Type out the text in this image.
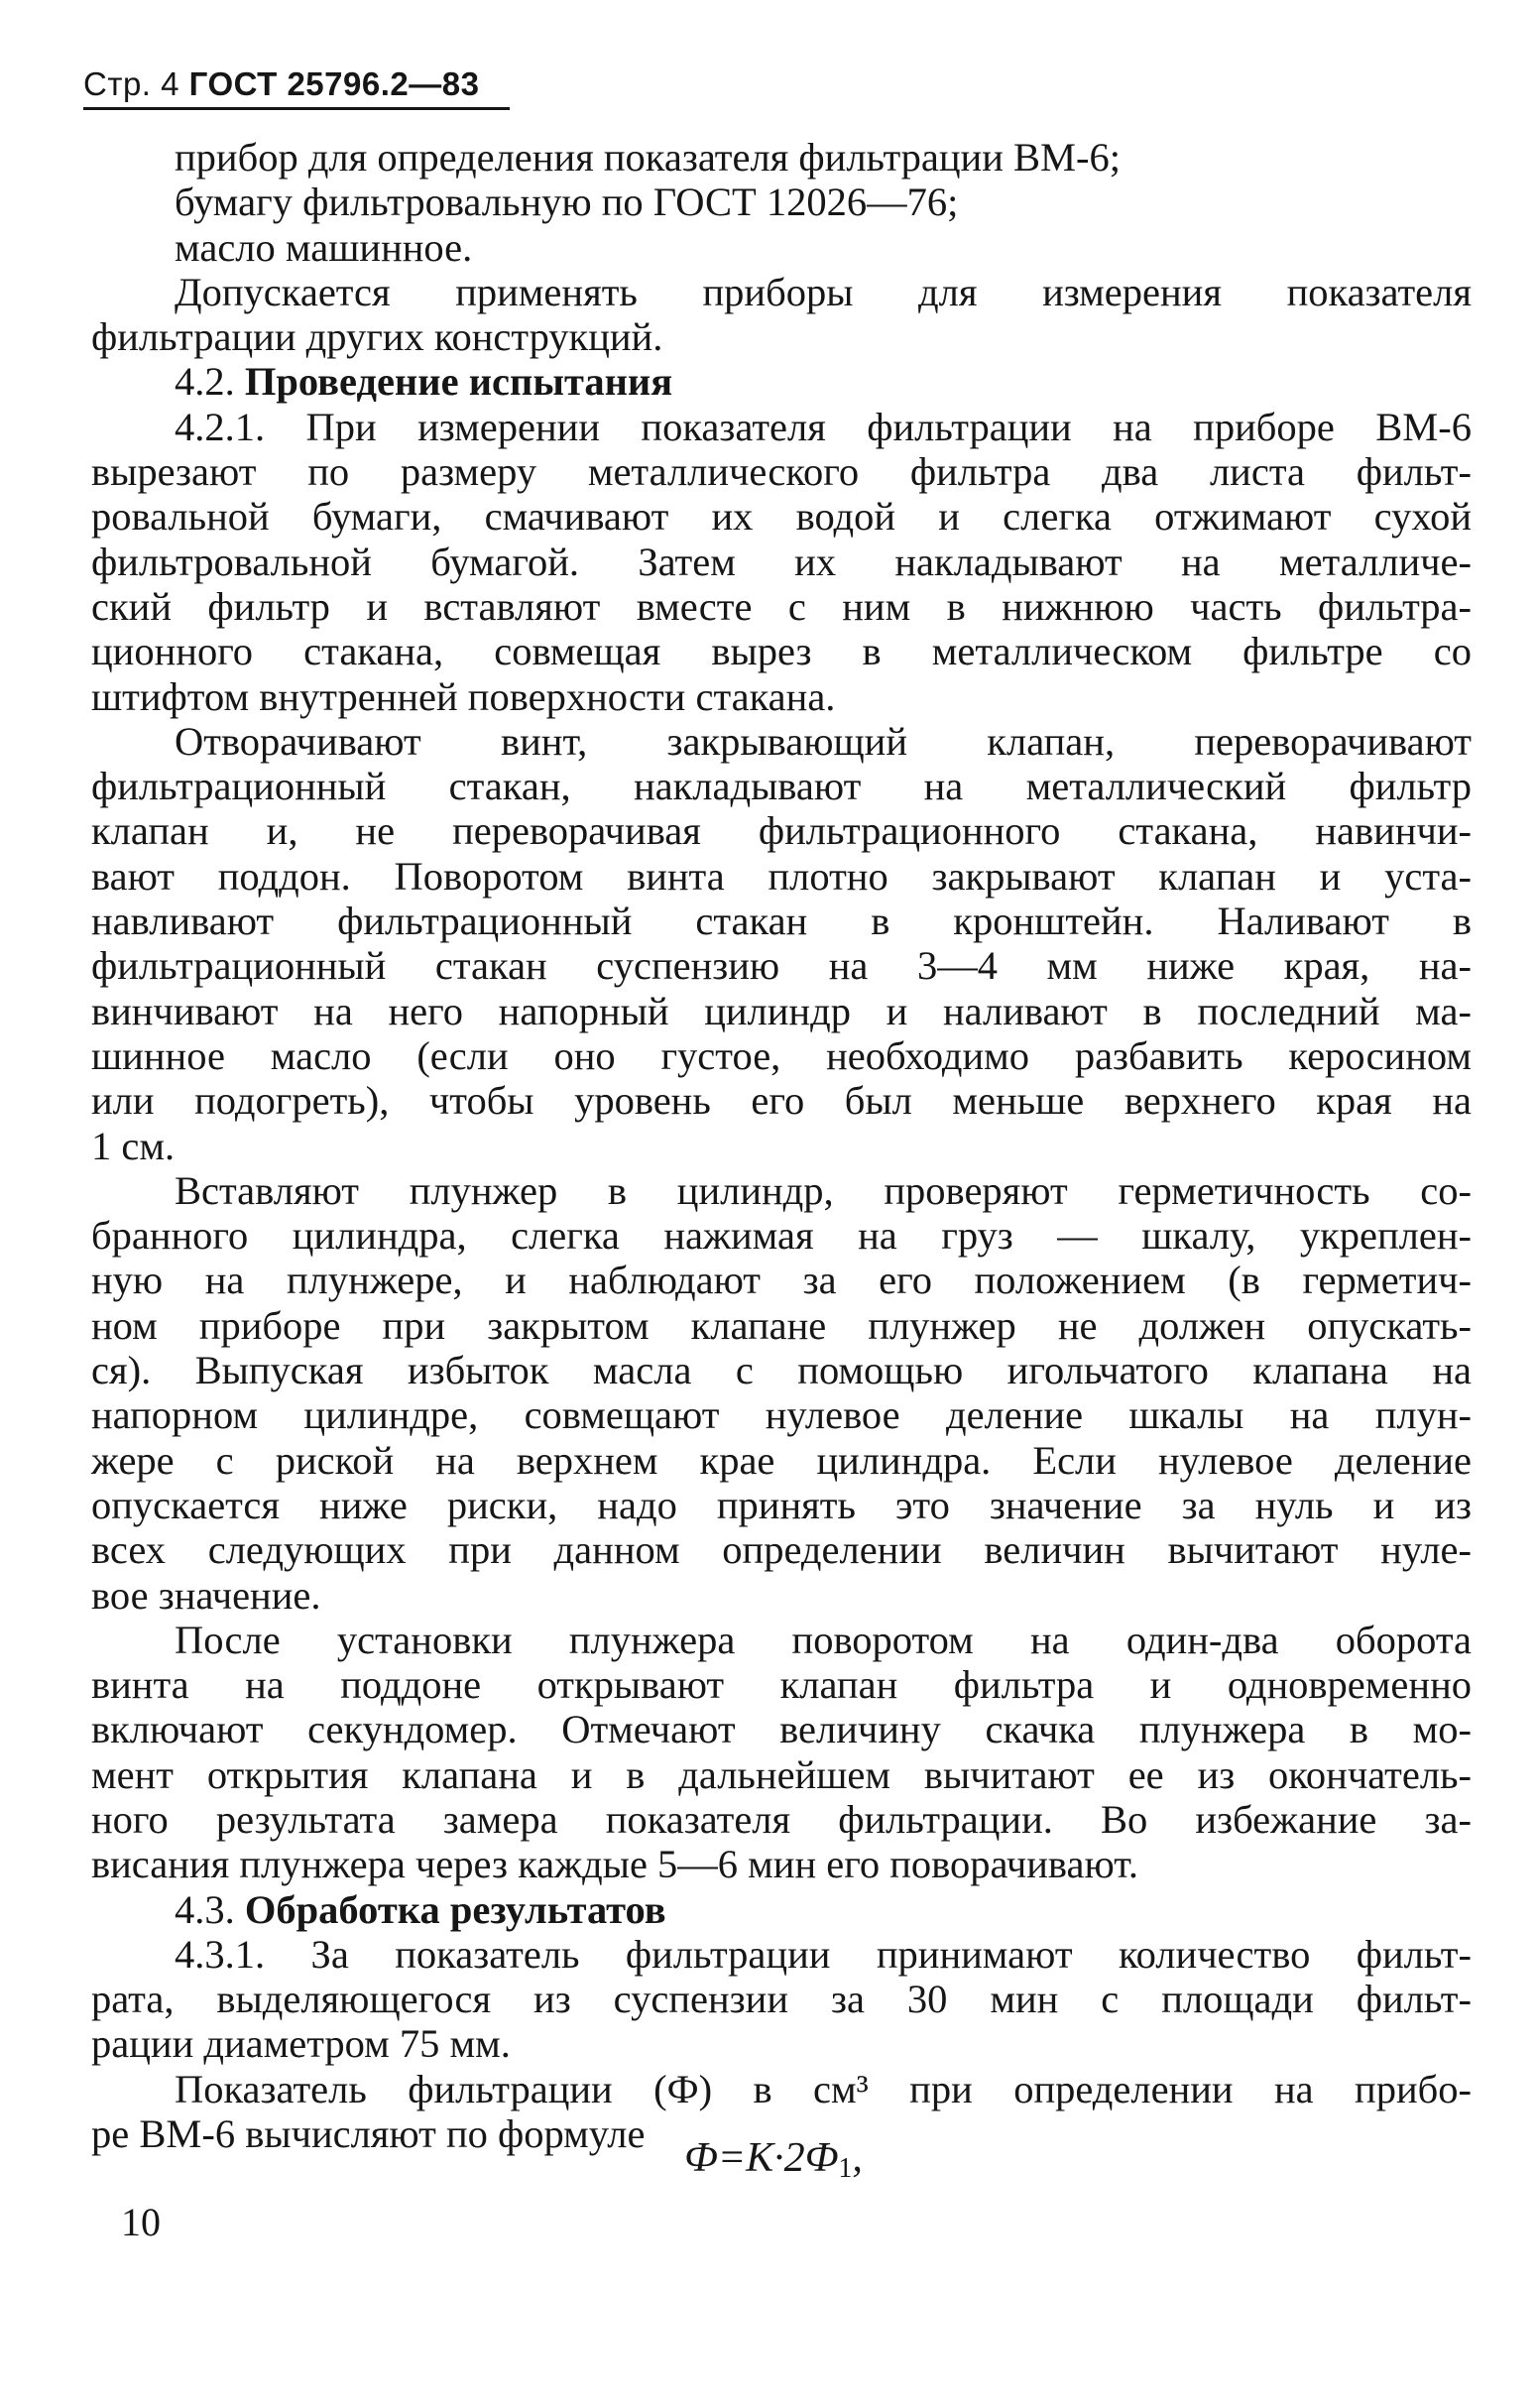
Стр. 4 ГОСТ 25796.2—83
прибор для определения показателя фильтрации ВМ-6;
бумагу фильтровальную по ГОСТ 12026—76;
масло машинное.
Допускается применять приборы для измерения показателя
фильтрации других конструкций.
4.2. Проведение испытания
4.2.1. При измерении показателя фильтрации на приборе ВМ-6
вырезают по размеру металлического фильтра два листа фильт-
ровальной бумаги, смачивают их водой и слегка отжимают сухой
фильтровальной бумагой. Затем их накладывают на металличе-
ский фильтр и вставляют вместе с ним в нижнюю часть фильтра-
ционного стакана, совмещая вырез в металлическом фильтре со
штифтом внутренней поверхности стакана.
Отворачивают винт, закрывающий клапан, переворачивают
фильтрационный стакан, накладывают на металлический фильтр
клапан и, не переворачивая фильтрационного стакана, навинчи-
вают поддон. Поворотом винта плотно закрывают клапан и уста-
навливают фильтрационный стакан в кронштейн. Наливают в
фильтрационный стакан суспензию на 3—4 мм ниже края, на-
винчивают на него напорный цилиндр и наливают в последний ма-
шинное масло (если оно густое, необходимо разбавить керосином
или подогреть), чтобы уровень его был меньше верхнего края на
1 см.
Вставляют плунжер в цилиндр, проверяют герметичность со-
бранного цилиндра, слегка нажимая на груз — шкалу, укреплен-
ную на плунжере, и наблюдают за его положением (в герметич-
ном приборе при закрытом клапане плунжер не должен опускать-
ся). Выпуская избыток масла с помощью игольчатого клапана на
напорном цилиндре, совмещают нулевое деление шкалы на плун-
жере с риской на верхнем крае цилиндра. Если нулевое деление
опускается ниже риски, надо принять это значение за нуль и из
всех следующих при данном определении величин вычитают нуле-
вое значение.
После установки плунжера поворотом на один-два оборота
винта на поддоне открывают клапан фильтра и одновременно
включают секундомер. Отмечают величину скачка плунжера в мо-
мент открытия клапана и в дальнейшем вычитают ее из окончатель-
ного результата замера показателя фильтрации. Во избежание за-
висания плунжера через каждые 5—6 мин его поворачивают.
4.3. Обработка результатов
4.3.1. За показатель фильтрации принимают количество фильт-
рата, выделяющегося из суспензии за 30 мин с площади фильт-
рации диаметром 75 мм.
Показатель фильтрации (Ф) в см³ при определении на прибо-
ре ВМ-6 вычисляют по формуле
$Ф=K\cdot 2Ф_1$,
10
